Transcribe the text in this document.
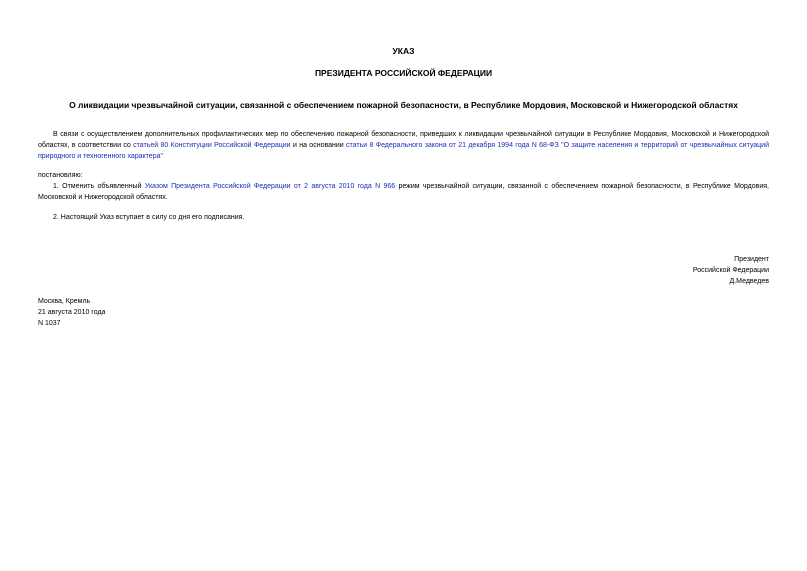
УКАЗ
ПРЕЗИДЕНТА РОССИЙСКОЙ ФЕДЕРАЦИИ
О ликвидации чрезвычайной ситуации, связанной с обеспечением пожарной безопасности, в Республике Мордовия, Московской и Нижегородской областях

В связи с осуществлением дополнительных профилактических мер по обеспечению пожарной безопасности, приведших к ликвидации чрезвычайной ситуации в Республике Мордовия, Московской и Нижегородской областях, в соответствии со статьей 80 Конституции Российской Федерации и на основании статьи 8 Федерального закона от 21 декабря 1994 года N 68-ФЗ "О защите населения и территорий от чрезвычайных ситуаций природного и техногенного характера"

постановляю:

1. Отменить объявленный Указом Президента Российской Федерации от 2 августа 2010 года N 966 режим чрезвычайной ситуации, связанной с обеспечением пожарной безопасности, в Республике Мордовия, Московской и Нижегородской областях.

2. Настоящий Указ вступает в силу со дня его подписания.

Президент
Российской Федерации
Д.Медведев
Москва, Кремль
21 августа 2010 года
N 1037
